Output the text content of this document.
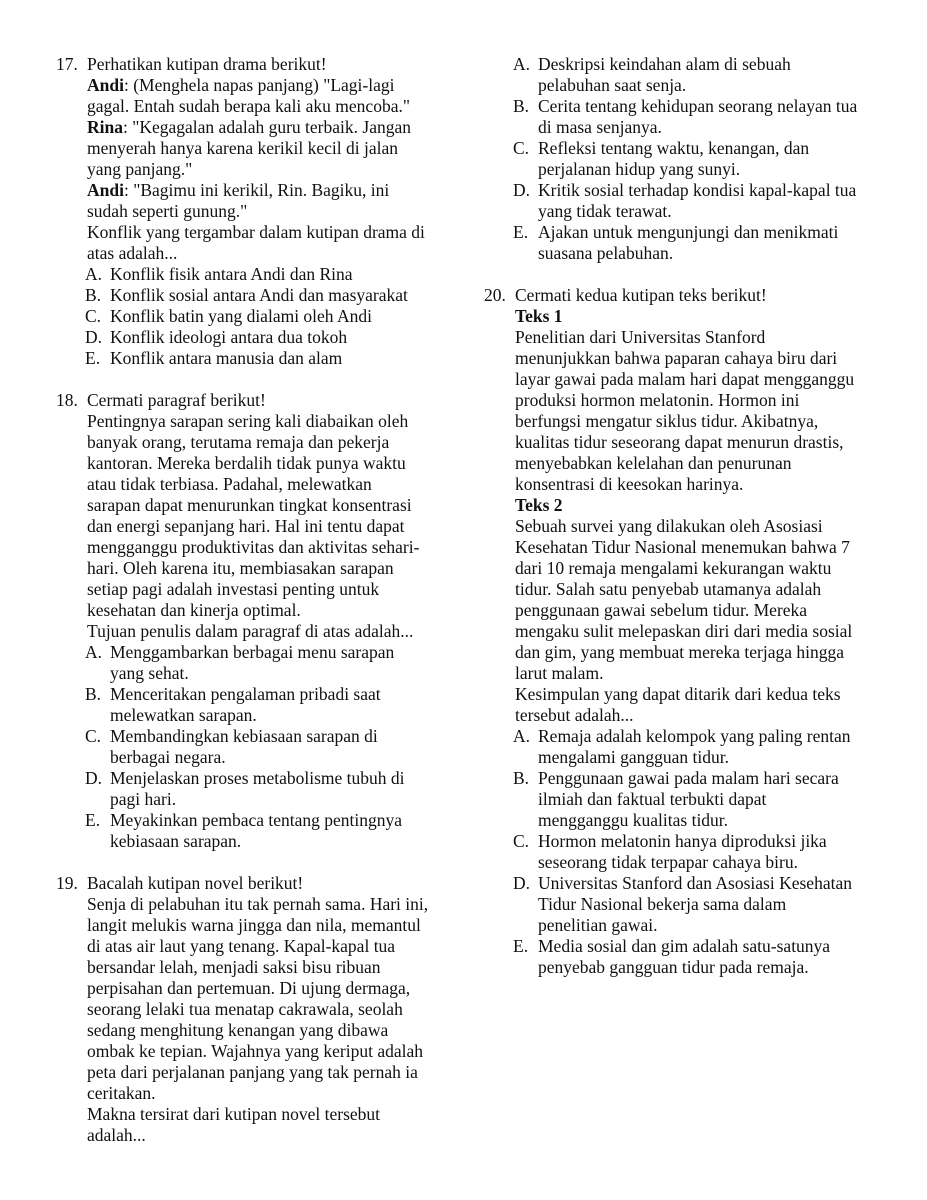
17. Perhatikan kutipan drama berikut!
Andi: (Menghela napas panjang) "Lagi-lagi
gagal. Entah sudah berapa kali aku mencoba."
Rina: "Kegagalan adalah guru terbaik. Jangan
menyerah hanya karena kerikil kecil di jalan
yang panjang."
Andi: "Bagimu ini kerikil, Rin. Bagiku, ini
sudah seperti gunung."
Konflik yang tergambar dalam kutipan drama di
atas adalah...
A. Konflik fisik antara Andi dan Rina
B. Konflik sosial antara Andi dan masyarakat
C. Konflik batin yang dialami oleh Andi
D. Konflik ideologi antara dua tokoh
E. Konflik antara manusia dan alam
18. Cermati paragraf berikut!
Pentingnya sarapan sering kali diabaikan oleh
banyak orang, terutama remaja dan pekerja
kantoran. Mereka berdalih tidak punya waktu
atau tidak terbiasa. Padahal, melewatkan
sarapan dapat menurunkan tingkat konsentrasi
dan energi sepanjang hari. Hal ini tentu dapat
mengganggu produktivitas dan aktivitas sehari-
hari. Oleh karena itu, membiasakan sarapan
setiap pagi adalah investasi penting untuk
kesehatan dan kinerja optimal.
Tujuan penulis dalam paragraf di atas adalah...
A. Menggambarkan berbagai menu sarapan
yang sehat.
B. Menceritakan pengalaman pribadi saat
melewatkan sarapan.
C. Membandingkan kebiasaan sarapan di
berbagai negara.
D. Menjelaskan proses metabolisme tubuh di
pagi hari.
E. Meyakinkan pembaca tentang pentingnya
kebiasaan sarapan.
19. Bacalah kutipan novel berikut!
Senja di pelabuhan itu tak pernah sama. Hari ini,
langit melukis warna jingga dan nila, memantul
di atas air laut yang tenang. Kapal-kapal tua
bersandar lelah, menjadi saksi bisu ribuan
perpisahan dan pertemuan. Di ujung dermaga,
seorang lelaki tua menatap cakrawala, seolah
sedang menghitung kenangan yang dibawa
ombak ke tepian. Wajahnya yang keriput adalah
peta dari perjalanan panjang yang tak pernah ia
ceritakan.
Makna tersirat dari kutipan novel tersebut
adalah...
A. Deskripsi keindahan alam di sebuah
pelabuhan saat senja.
B. Cerita tentang kehidupan seorang nelayan tua
di masa senjanya.
C. Refleksi tentang waktu, kenangan, dan
perjalanan hidup yang sunyi.
D. Kritik sosial terhadap kondisi kapal-kapal tua
yang tidak terawat.
E. Ajakan untuk mengunjungi dan menikmati
suasana pelabuhan.
20. Cermati kedua kutipan teks berikut!
Teks 1
Penelitian dari Universitas Stanford
menunjukkan bahwa paparan cahaya biru dari
layar gawai pada malam hari dapat mengganggu
produksi hormon melatonin. Hormon ini
berfungsi mengatur siklus tidur. Akibatnya,
kualitas tidur seseorang dapat menurun drastis,
menyebabkan kelelahan dan penurunan
konsentrasi di keesokan harinya.
Teks 2
Sebuah survei yang dilakukan oleh Asosiasi
Kesehatan Tidur Nasional menemukan bahwa 7
dari 10 remaja mengalami kekurangan waktu
tidur. Salah satu penyebab utamanya adalah
penggunaan gawai sebelum tidur. Mereka
mengaku sulit melepaskan diri dari media sosial
dan gim, yang membuat mereka terjaga hingga
larut malam.
Kesimpulan yang dapat ditarik dari kedua teks
tersebut adalah...
A. Remaja adalah kelompok yang paling rentan
mengalami gangguan tidur.
B. Penggunaan gawai pada malam hari secara
ilmiah dan faktual terbukti dapat
mengganggu kualitas tidur.
C. Hormon melatonin hanya diproduksi jika
seseorang tidak terpapar cahaya biru.
D. Universitas Stanford dan Asosiasi Kesehatan
Tidur Nasional bekerja sama dalam
penelitian gawai.
E. Media sosial dan gim adalah satu-satunya
penyebab gangguan tidur pada remaja.
